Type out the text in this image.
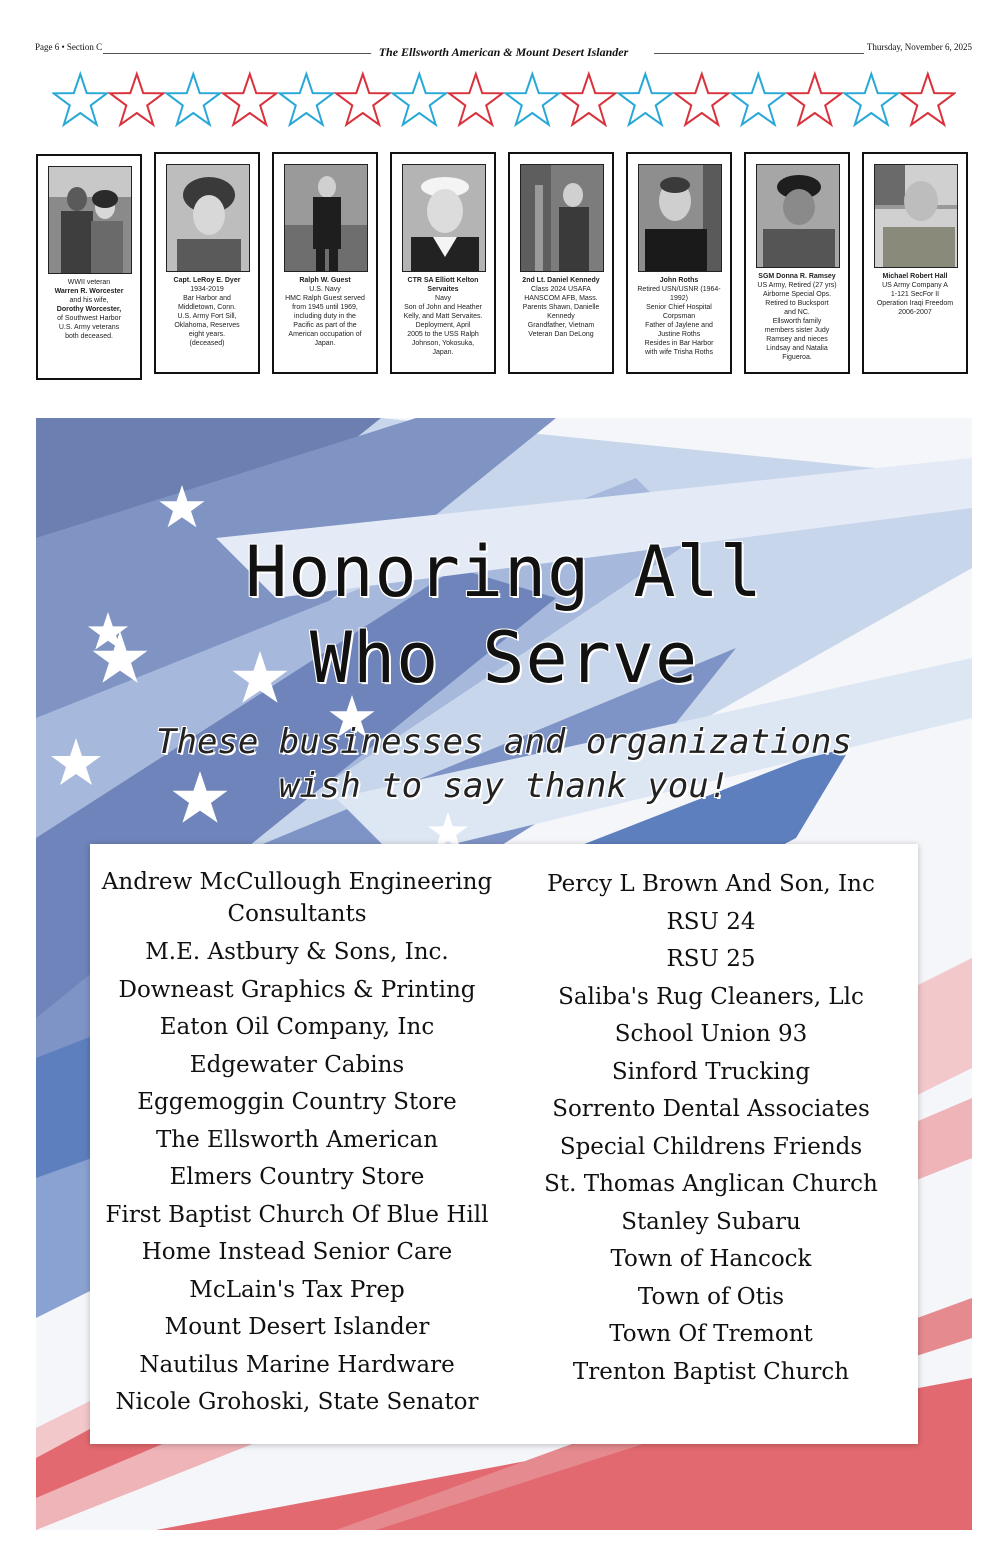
Page 6 • Section C	The Ellsworth American & Mount Desert Islander	Thursday, November 6, 2025
WWII veteran

Warren R. Worcester
and his wife,

Dorothy Worcester,
of Southwest Harbor
U.S. Army veterans
both deceased.
Capt. LeRoy E. Dyer
1934-2019
Bar Harbor and
Middletown, Conn.
U.S. Army Fort Sill,
Oklahoma, Reserves
eight years.
(deceased)
Ralph W. Guest
U.S. Navy
HMC Ralph Guest served
from 1945 until 1969,
including duty in the
Pacific as part of the
American occupation of
Japan.
CTR SA Elliott Kelton Servaites
Navy
Son of John and Heather
Kelly, and Matt Servaites.
Deployment, April
2005 to the USS Ralph
Johnson, Yokosuka,
Japan.
2nd Lt. Daniel Kennedy
Class 2024 USAFA
HANSCOM AFB, Mass.
Parents Shawn, Danielle
Kennedy
Grandfather, Vietnam
Veteran Dan DeLong
John Roths
Retired USN/USNR (1964-
1992)
Senior Chief Hospital
Corpsman
Father of Jaylene and
Justine Roths
Resides in Bar Harbor
with wife Trisha Roths
SGM Donna R. Ramsey
US Army, Retired (27 yrs)
Airborne Special Ops.
Retired to Bucksport
and NC.
Ellsworth family
members sister Judy
Ramsey and nieces
Lindsay and Natalia
Figueroa.
Michael Robert Hall
US Army Company A
1-121 SecFor II
Operation Iraqi Freedom
2006-2007
Honoring All
Who Serve
These businesses and organizations
wish to say thank you!
Andrew McCullough Engineering Consultants
M.E. Astbury & Sons, Inc.
Downeast Graphics & Printing
Eaton Oil Company, Inc
Edgewater Cabins
Eggemoggin Country Store
The Ellsworth American
Elmers Country Store
First Baptist Church Of Blue Hill
Home Instead Senior Care
McLain's Tax Prep
Mount Desert Islander
Nautilus Marine Hardware
Nicole Grohoski, State Senator
Percy L Brown And Son, Inc
RSU 24
RSU 25
Saliba's Rug Cleaners, Llc
School Union 93
Sinford Trucking
Sorrento Dental Associates
Special Childrens Friends
St. Thomas Anglican Church
Stanley Subaru
Town of Hancock
Town of Otis
Town Of Tremont
Trenton Baptist Church
